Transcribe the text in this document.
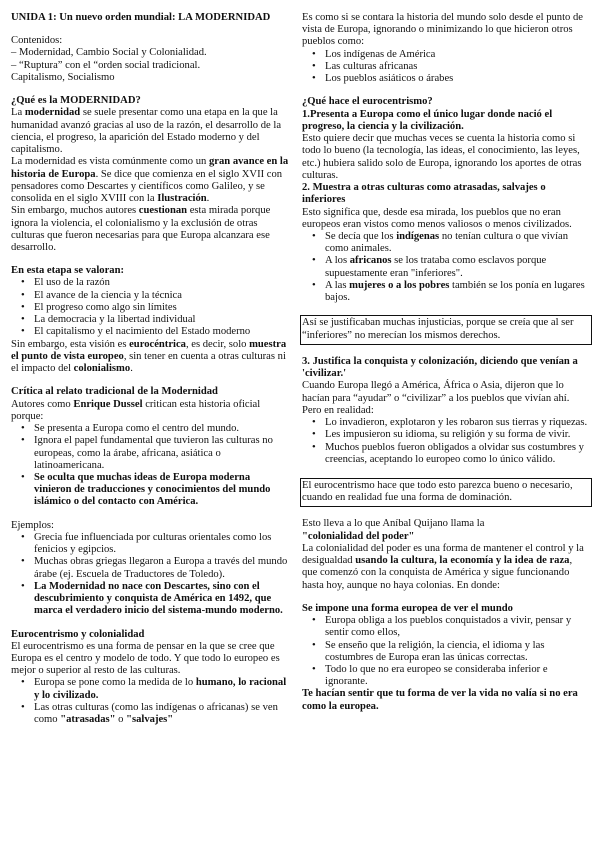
UNIDA 1: Un nuevo orden mundial: LA MODERNIDAD

Contenidos:

– Modernidad, Cambio Social y Colonialidad.

– “Ruptura” con el “orden social tradicional.

Capitalismo, Socialismo

¿Qué es la MODERNIDAD?

La modernidad se suele presentar como una etapa en la que la humanidad avanzó gracias al uso de la razón, el desarrollo de la ciencia, el progreso, la aparición del Estado moderno y del capitalismo.

La modernidad es vista comúnmente como un gran avance en la historia de Europa. Se dice que comienza en el siglo XVII con pensadores como Descartes y científicos como Galileo, y se consolida en el siglo XVIII con la Ilustración.

Sin embargo, muchos autores cuestionan esta mirada porque ignora la violencia, el colonialismo y la exclusión de otras culturas que fueron necesarias para que Europa alcanzara ese desarrollo.

En esta etapa se valoran:
• El uso de la razón
• El avance de la ciencia y la técnica
• El progreso como algo sin límites
• La democracia y la libertad individual
• El capitalismo y el nacimiento del Estado moderno

Sin embargo, esta visión es eurocéntrica, es decir, solo muestra el punto de vista europeo, sin tener en cuenta a otras culturas ni el impacto del colonialismo.

Crítica al relato tradicional de la Modernidad

Autores como Enrique Dussel critican esta historia oficial porque:

• Se presenta a Europa como el centro del mundo.
• Ignora el papel fundamental que tuvieron las culturas no europeas, como la árabe, africana, asiática o latinoamericana.
• Se oculta que muchas ideas de Europa moderna vinieron de traducciones y conocimientos del mundo islámico o del contacto con América.

Ejemplos:

• Grecia fue influenciada por culturas orientales como los fenicios y egipcios.
• Muchas obras griegas llegaron a Europa a través del mundo árabe (ej. Escuela de Traductores de Toledo).
• La Modernidad no nace con Descartes, sino con el descubrimiento y conquista de América en 1492, que marca el verdadero inicio del sistema-mundo moderno.
Eurocentrismo y colonialidad

El eurocentrismo es una forma de pensar en la que se cree que Europa es el centro y modelo de todo. Y que todo lo europeo es mejor o superior al resto de las culturas.

• Europa se pone como la medida de lo humano, lo racional y lo civilizado.
• Las otras culturas (como las indígenas o africanas) se ven como "atrasadas" o "salvajes"

Es como si se contara la historia del mundo solo desde el punto de vista de Europa, ignorando o minimizando lo que hicieron otros pueblos como:

• Los indígenas de América
• Las culturas africanas
• Los pueblos asiáticos o árabes
¿Qué hace el eurocentrismo?
1.Presenta a Europa como el único lugar donde nació el progreso, la ciencia y la civilización.

Esto quiere decir que muchas veces se cuenta la historia como si todo lo bueno (la tecnología, las ideas, el conocimiento, las leyes, etc.) hubiera salido solo de Europa, ignorando los aportes de otras culturas.

2. Muestra a otras culturas como atrasadas, salvajes o inferiores

Esto significa que, desde esa mirada, los pueblos que no eran europeos eran vistos como menos valiosos o menos civilizados.

• Se decía que los indígenas no tenían cultura o que vivían como animales.
• A los africanos se los trataba como esclavos porque supuestamente eran "inferiores".
• A las mujeres o a los pobres también se los ponía en lugares bajos.
Así se justificaban muchas injusticias, porque se creía que al ser “inferiores” no merecían los mismos derechos.
3. Justifica la conquista y colonización, diciendo que venían a 'civilizar.'

Cuando Europa llegó a América, África o Asia, dijeron que lo hacían para “ayudar” o “civilizar” a los pueblos que vivían ahí. Pero en realidad:

• Lo invadieron, explotaron y les robaron sus tierras y riquezas.
• Les impusieron su idioma, su religión y su forma de vivir.
• Muchos pueblos fueron obligados a olvidar sus costumbres y creencias, aceptando lo europeo como lo único válido.
El eurocentrismo hace que todo esto parezca bueno o necesario, cuando en realidad fue una forma de dominación.

Esto lleva a lo que Aníbal Quijano llama la

"colonialidad del poder"

La colonialidad del poder es una forma de mantener el control y la desigualdad usando la cultura, la economía y la idea de raza, que comenzó con la conquista de América y sigue funcionando hasta hoy, aunque no haya colonias. En donde:

Se impone una forma europea de ver el mundo
• Europa obliga a los pueblos conquistados a vivir, pensar y sentir como ellos,
• Se enseño que la religión, la ciencia, el idioma y las costumbres de Europa eran las únicas correctas.
• Todo lo que no era europeo se consideraba inferior e ignorante.

Te hacían sentir que tu forma de ver la vida no valía si no era como la europea.
